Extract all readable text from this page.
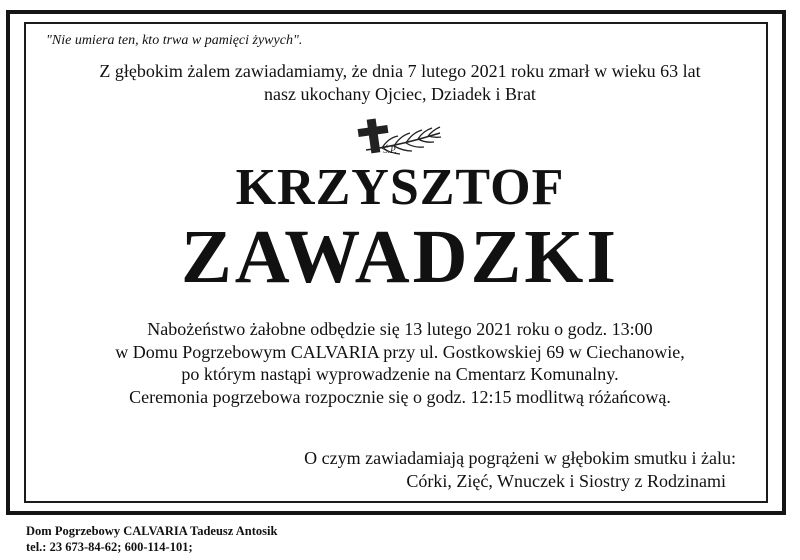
"Nie umiera ten, kto trwa w pamięci żywych".
Z głębokim żalem zawiadamiamy, że dnia 7 lutego 2021 roku zmarł w wieku 63 lat
nasz ukochany Ojciec, Dziadek i Brat
Ś.P.
KRZYSZTOF
ZAWADZKI
Nabożeństwo żałobne odbędzie się 13 lutego 2021 roku o godz. 13:00
w Domu Pogrzebowym CALVARIA przy ul. Gostkowskiej 69 w Ciechanowie,
po którym nastąpi wyprowadzenie na Cmentarz Komunalny.
Ceremonia pogrzebowa rozpocznie się o godz. 12:15 modlitwą różańcową.
O czym zawiadamiają pogrążeni w głębokim smutku i żalu:
Córki, Zięć, Wnuczek i Siostry z Rodzinami
Dom Pogrzebowy CALVARIA Tadeusz Antosik
tel.: 23 673-84-62; 600-114-101;
